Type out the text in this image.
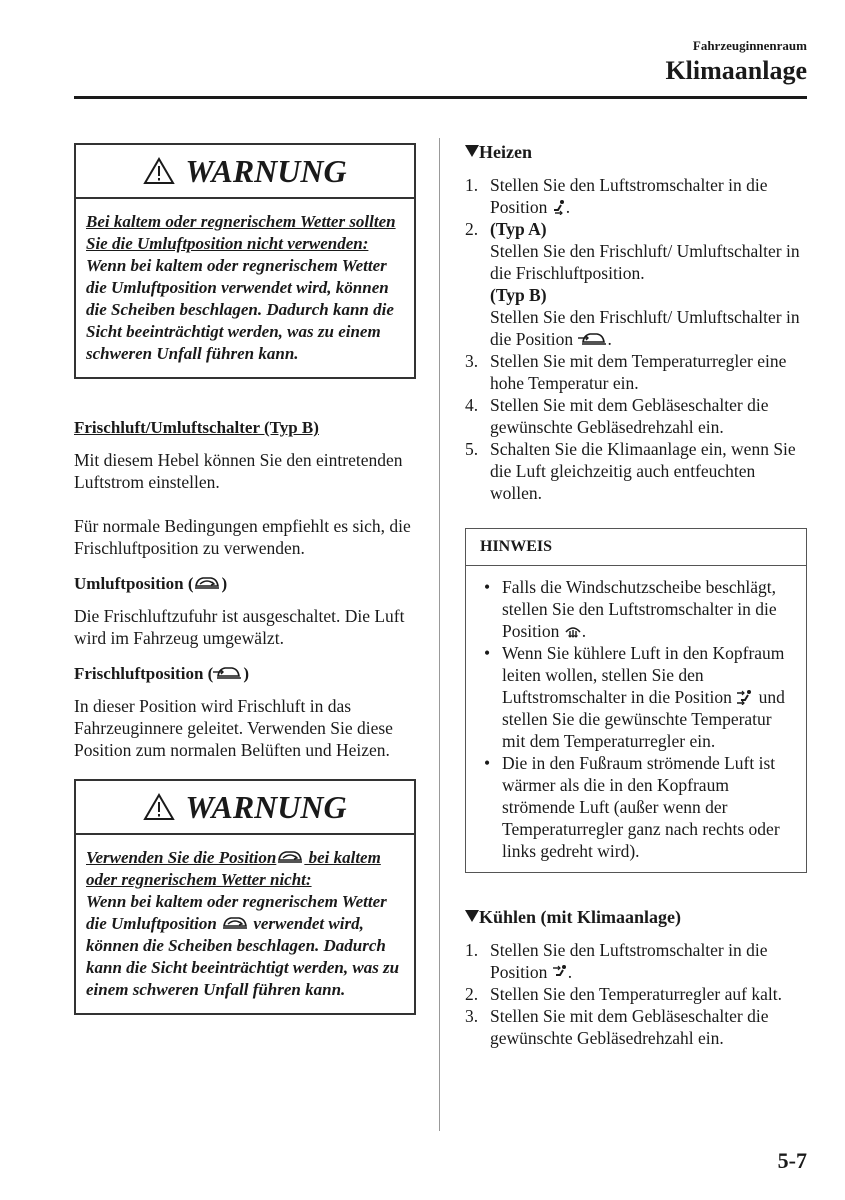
Fahrzeuginnenraum
Klimaanlage
WARNUNG
Bei kaltem oder regnerischem Wetter sollten Sie die Umluftposition nicht verwenden:
Wenn bei kaltem oder regnerischem Wetter die Umluftposition verwendet wird, können die Scheiben beschlagen. Dadurch kann die Sicht beeinträchtigt werden, was zu einem schweren Unfall führen kann.
Frischluft/Umluftschalter (Typ B)

Mit diesem Hebel können Sie den eintretenden Luftstrom einstellen.

Für normale Bedingungen empfiehlt es sich, die Frischluftposition zu verwenden.

Umluftposition ( )

Die Frischluftzufuhr ist ausgeschaltet. Die Luft wird im Fahrzeug umgewälzt.

Frischluftposition ( )

In dieser Position wird Frischluft in das Fahrzeuginnere geleitet. Verwenden Sie diese Position zum normalen Belüften und Heizen.

WARNUNG
Verwenden Sie die Position bei kaltem oder regnerischem Wetter nicht:
Wenn bei kaltem oder regnerischem Wetter die Umluftposition  verwendet wird, können die Scheiben beschlagen. Dadurch kann die Sicht beeinträchtigt werden, was zu einem schweren Unfall führen kann.
Heizen
1. Stellen Sie den Luftstromschalter in die Position .
2. (Typ A)
Stellen Sie den Frischluft/ Umluftschalter in die Frischluftposition.
(Typ B)
Stellen Sie den Frischluft/ Umluftschalter in die Position .
3. Stellen Sie mit dem Temperaturregler eine hohe Temperatur ein.
4. Stellen Sie mit dem Gebläseschalter die gewünschte Gebläsedrehzahl ein.
5. Schalten Sie die Klimaanlage ein, wenn Sie die Luft gleichzeitig auch entfeuchten wollen.
HINWEIS
• Falls die Windschutzscheibe beschlägt, stellen Sie den Luftstromschalter in die Position .
• Wenn Sie kühlere Luft in den Kopfraum leiten wollen, stellen Sie den Luftstromschalter in die Position  und stellen Sie die gewünschte Temperatur mit dem Temperaturregler ein.
• Die in den Fußraum strömende Luft ist wärmer als die in den Kopfraum strömende Luft (außer wenn der Temperaturregler ganz nach rechts oder links gedreht wird).
Kühlen (mit Klimaanlage)
1. Stellen Sie den Luftstromschalter in die Position .
2. Stellen Sie den Temperaturregler auf kalt.
3. Stellen Sie mit dem Gebläseschalter die gewünschte Gebläsedrehzahl ein.
5-7
